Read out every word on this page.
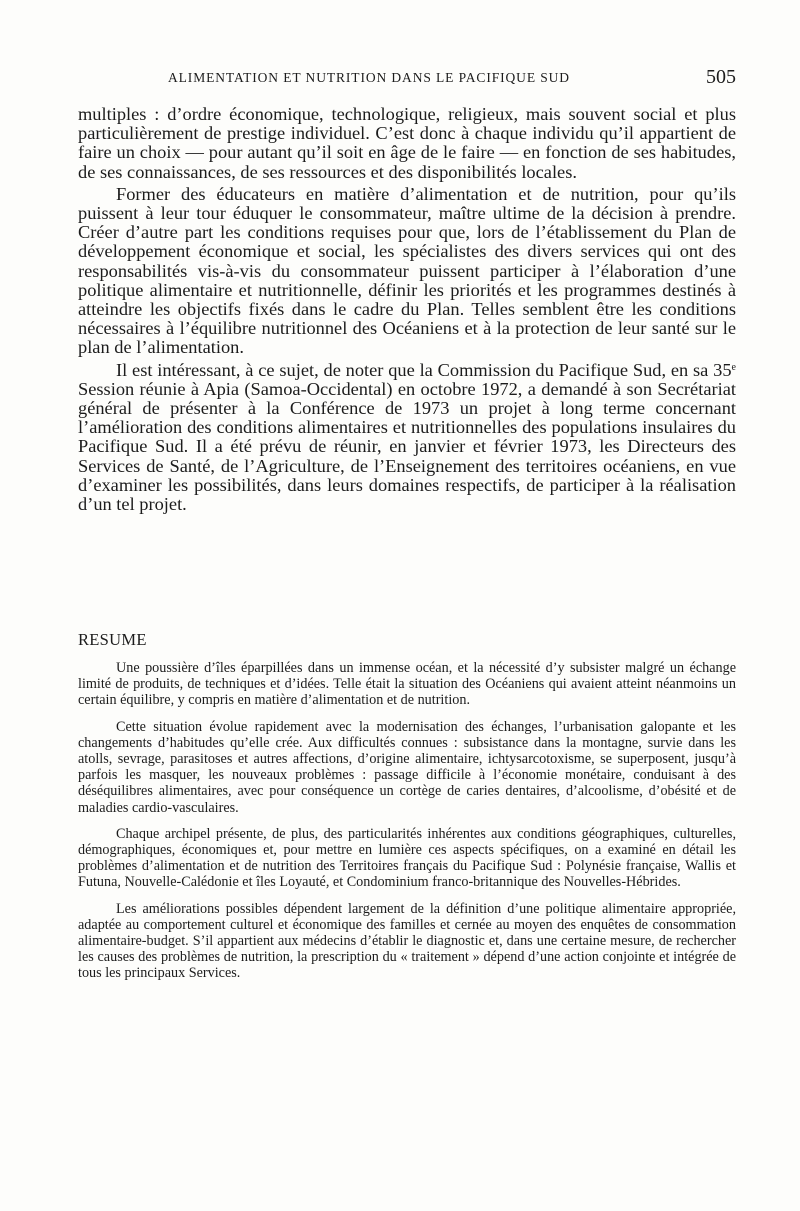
ALIMENTATION ET NUTRITION DANS LE PACIFIQUE SUD	505

multiples : d’ordre économique, technologique, religieux, mais souvent social et plus particulièrement de prestige individuel. C’est donc à chaque individu qu’il appartient de faire un choix — pour autant qu’il soit en âge de le faire — en fonction de ses habitudes, de ses connaissances, de ses ressources et des disponibilités locales.

Former des éducateurs en matière d’alimentation et de nutrition, pour qu’ils puissent à leur tour éduquer le consommateur, maître ultime de la décision à prendre. Créer d’autre part les conditions requises pour que, lors de l’établissement du Plan de développement économique et social, les spécialistes des divers services qui ont des responsabilités vis-à-vis du consommateur puissent participer à l’élaboration d’une politique alimentaire et nutritionnelle, définir les priorités et les programmes destinés à atteindre les objectifs fixés dans le cadre du Plan. Telles semblent être les conditions nécessaires à l’équilibre nutritionnel des Océaniens et à la protection de leur santé sur le plan de l’alimentation.

Il est intéressant, à ce sujet, de noter que la Commission du Pacifique Sud, en sa 35e Session réunie à Apia (Samoa-Occidental) en octobre 1972, a demandé à son Secrétariat général de présenter à la Conférence de 1973 un projet à long terme concernant l’amélioration des conditions alimentaires et nutritionnelles des populations insulaires du Pacifique Sud. Il a été prévu de réunir, en janvier et février 1973, les Directeurs des Services de Santé, de l’Agriculture, de l’Enseignement des territoires océaniens, en vue d’examiner les possibilités, dans leurs domaines respectifs, de participer à la réalisation d’un tel projet.

RESUME

Une poussière d’îles éparpillées dans un immense océan, et la nécessité d’y subsister malgré un échange limité de produits, de techniques et d’idées. Telle était la situation des Océaniens qui avaient atteint néanmoins un certain équilibre, y compris en matière d’alimentation et de nutrition.

Cette situation évolue rapidement avec la modernisation des échanges, l’urbanisation galopante et les changements d’habitudes qu’elle crée. Aux difficultés connues : subsistance dans la montagne, survie dans les atolls, sevrage, parasitoses et autres affections, d’origine alimentaire, ichtysarcotoxisme, se superposent, jusqu’à parfois les masquer, les nouveaux problèmes : passage difficile à l’économie monétaire, conduisant à des déséquilibres alimentaires, avec pour conséquence un cortège de caries dentaires, d’alcoolisme, d’obésité et de maladies cardio-vasculaires.

Chaque archipel présente, de plus, des particularités inhérentes aux conditions géographiques, culturelles, démographiques, économiques et, pour mettre en lumière ces aspects spécifiques, on a examiné en détail les problèmes d’alimentation et de nutrition des Territoires français du Pacifique Sud : Polynésie française, Wallis et Futuna, Nouvelle-Calédonie et îles Loyauté, et Condominium franco-britannique des Nouvelles-Hébrides.

Les améliorations possibles dépendent largement de la définition d’une politique alimentaire appropriée, adaptée au comportement culturel et économique des familles et cernée au moyen des enquêtes de consommation alimentaire-budget. S’il appartient aux médecins d’établir le diagnostic et, dans une certaine mesure, de rechercher les causes des problèmes de nutrition, la prescription du « traitement » dépend d’une action conjointe et intégrée de tous les principaux Services.
